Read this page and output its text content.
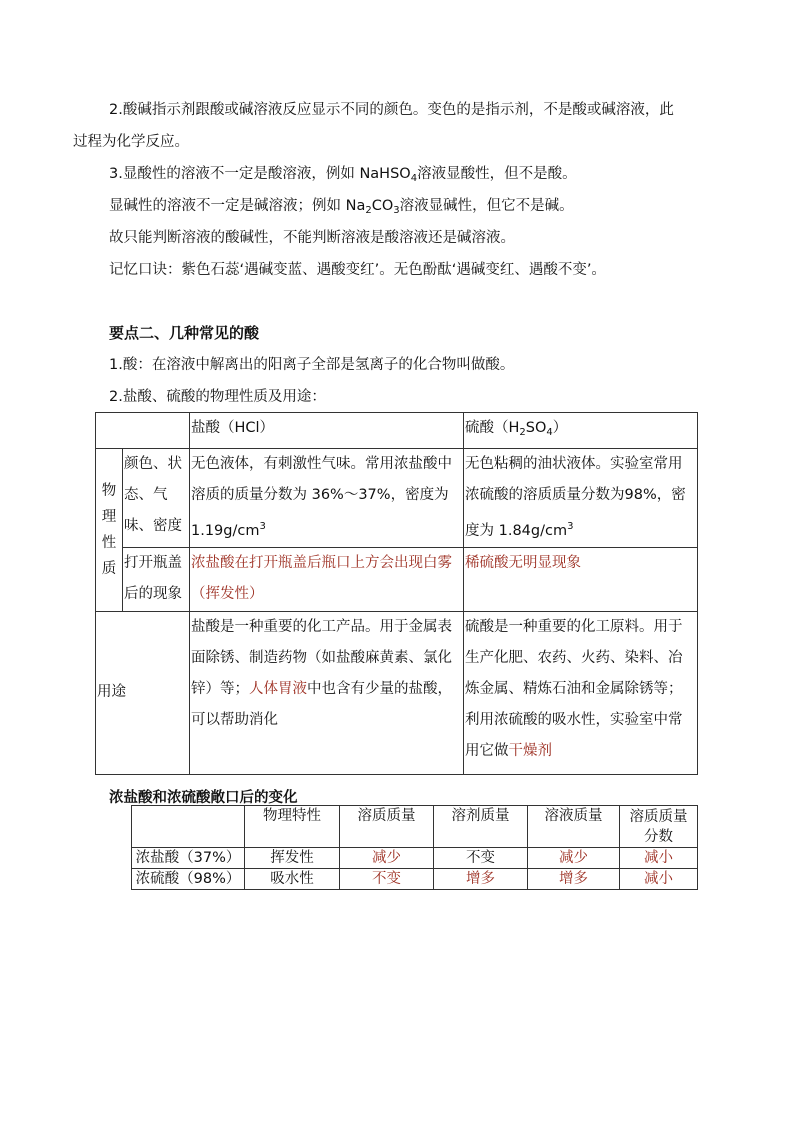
2.酸碱指示剂跟酸或碱溶液反应显示不同的颜色。变色的是指示剂，不是酸或碱溶液，此
过程为化学反应。
3.显酸性的溶液不一定是酸溶液，例如 NaHSO$_4$溶液显酸性，但不是酸。
显碱性的溶液不一定是碱溶液；例如 $Na_2CO_3$溶液显碱性，但它不是碱。
故只能判断溶液的酸碱性，不能判断溶液是酸溶液还是碱溶液。
记忆口诀：紫色石蕊‘遇碱变蓝、遇酸变红’。无色酚酞‘遇碱变红、遇酸不变’。
要点二、几种常见的酸
1.酸：在溶液中解离出的阳离子全部是氢离子的化合物叫做酸。
2.盐酸、硫酸的物理性质及用途：
		盐酸（HCl）	硫酸$(H_2SO_4)$
物理性质	颜色、状态、气味、密度	无色液体，有刺激性气味。常用浓盐酸中溶质的质量分数为 36%～37%，密度为 $1.19g/cm^3$	无色粘稠的油状液体。实验室常用浓硫酸的溶质质量分数为98%，密度为 $1.84g/cm^3$
	打开瓶盖后的现象	浓盐酸在打开瓶盖后瓶口上方会出现白雾（挥发性）	稀硫酸无明显现象
用途		盐酸是一种重要的化工产品。用于金属表面除锈、制造药物（如盐酸麻黄素、氯化锌）等；人体胃液中也含有少量的盐酸，可以帮助消化	硫酸是一种重要的化工原料。用于生产化肥、农药、火药、染料、冶炼金属、精炼石油和金属除锈等；利用浓硫酸的吸水性，实验室中常用它做干燥剂
浓盐酸和浓硫酸敞口后的变化
	物理特性	溶质质量	溶剂质量	溶液质量	溶质质量分数
浓盐酸（37%）	挥发性	减少	不变	减少	减小
浓硫酸（98%）	吸水性	不变	增多	增多	减小
